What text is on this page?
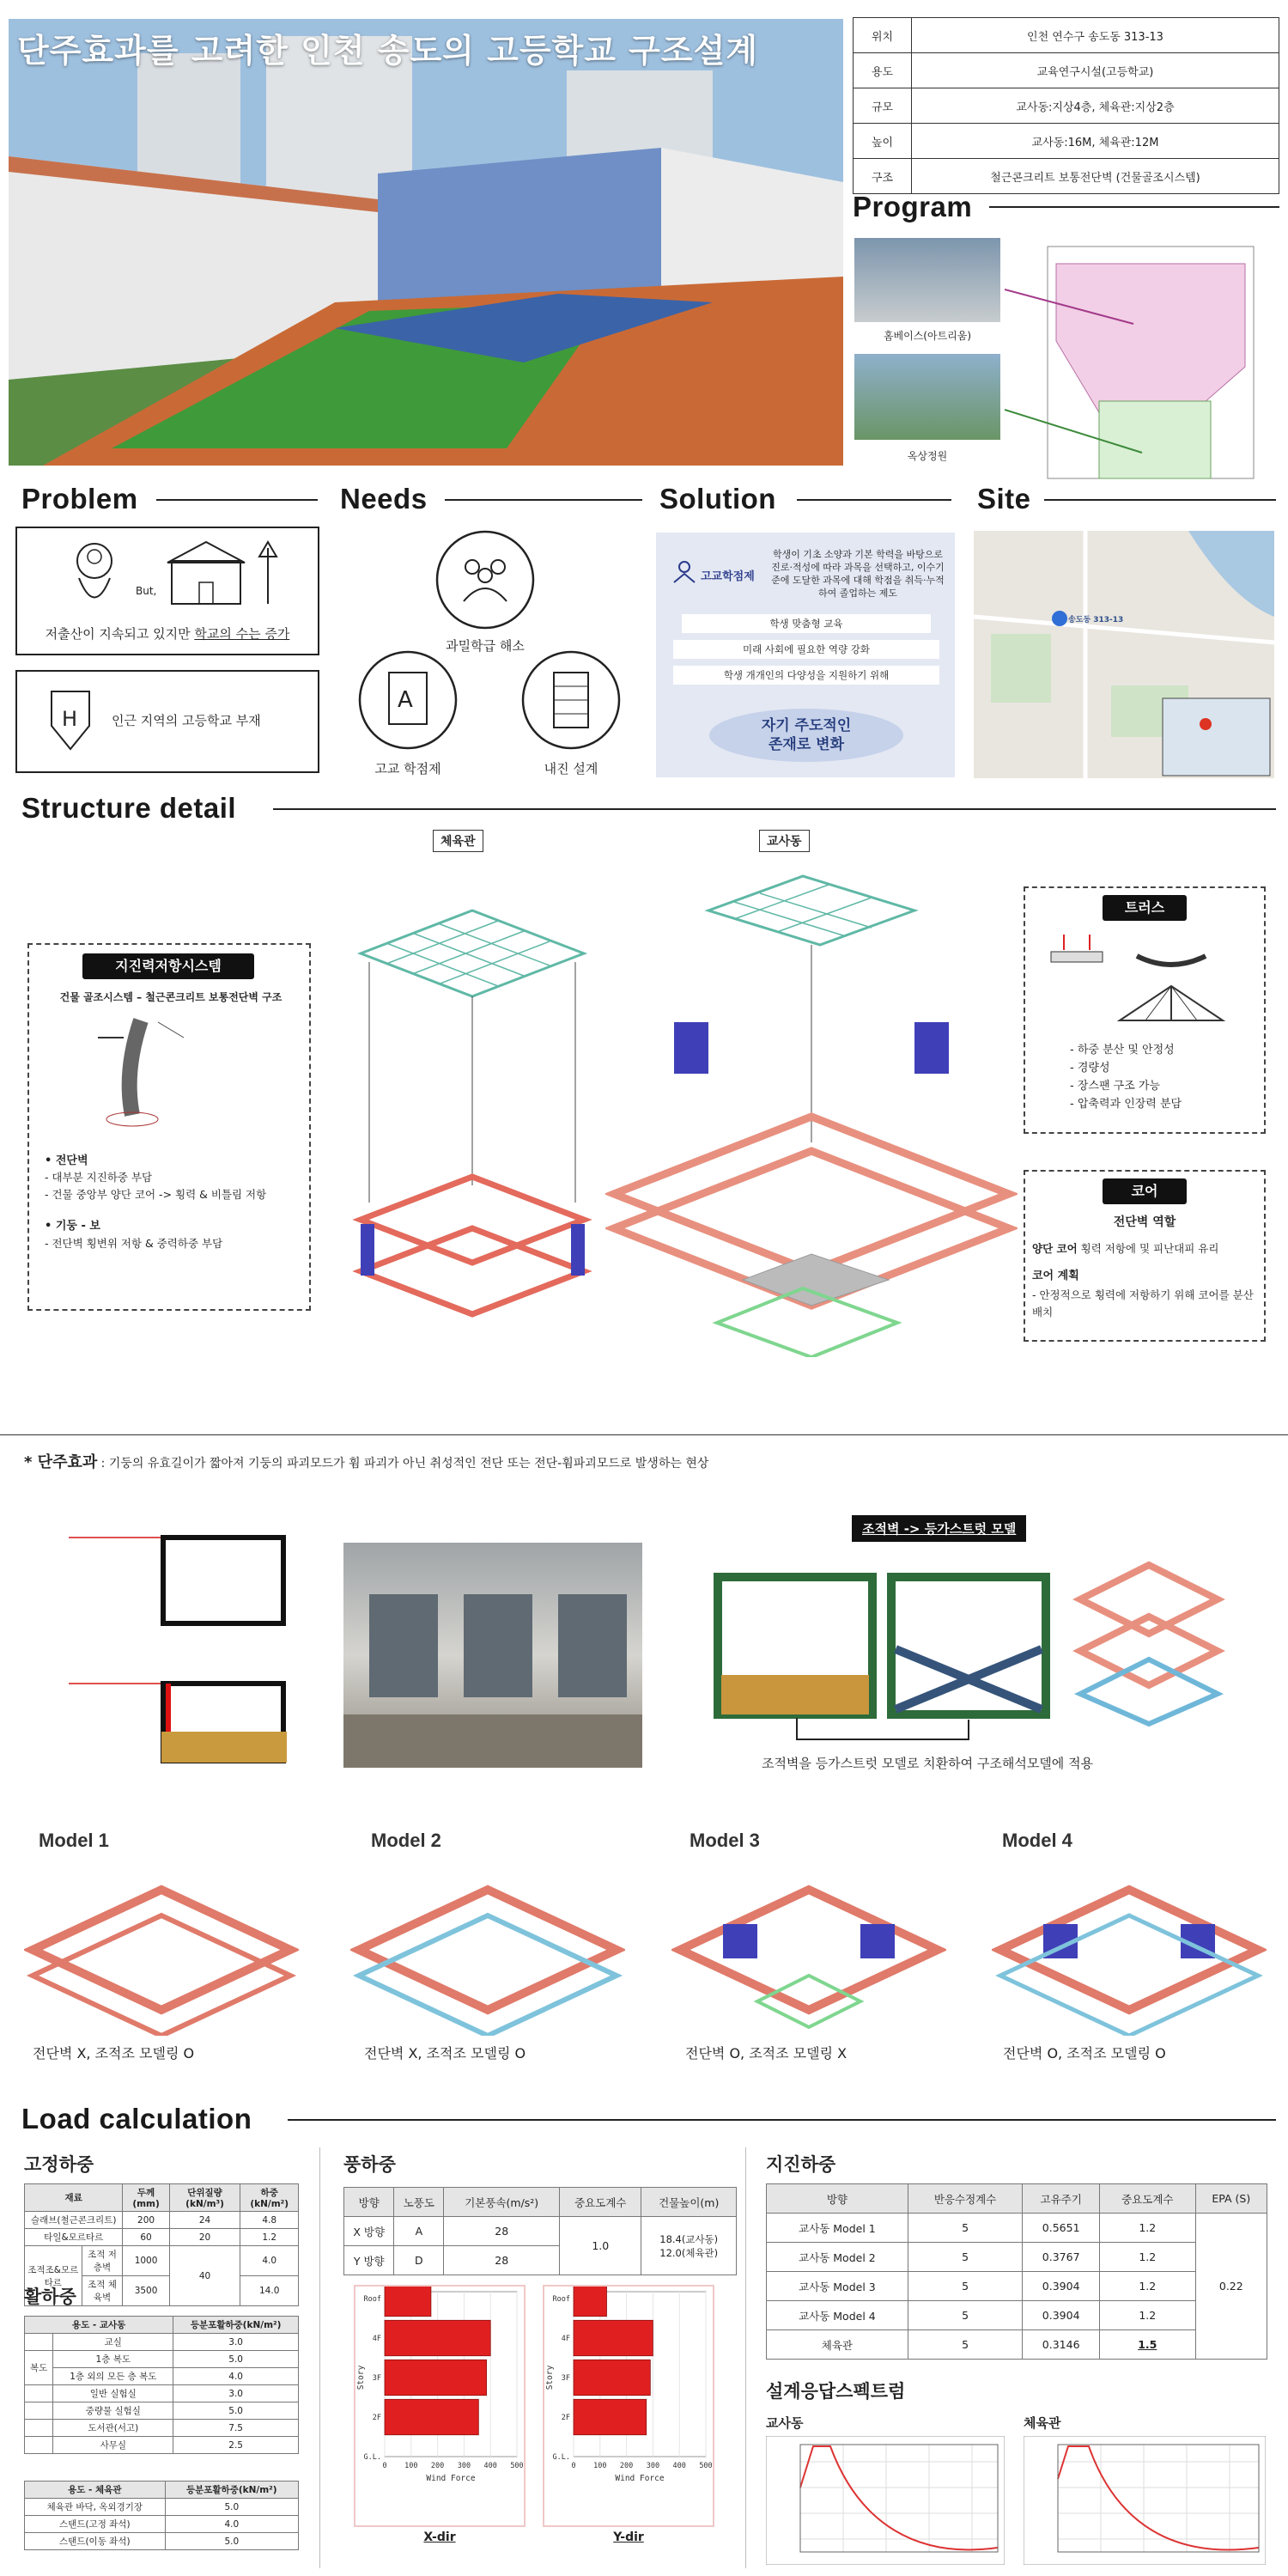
단주효과를 고려한 인천 송도의 고등학교 구조설계	위치	인천 연수구 송도동 313-13
용도	교육연구시설(고등학교)
규모	교사동:지상4층, 체육관:지상2층
높이	교사동:16M, 체육관:12M
구조	철근콘크리트 보통전단벽 (건물골조시스템)
Program
홈베이스(아트리움)
옥상정원
Problem	Needs	Solution	Site
But,
저출산이 지속되고 있지만 학교의 수는 증가
H	인근 지역의 고등학교 부재
과밀학급 해소
A
고교 학점제	내진 설계
고교학점제
학생이 기초 소양과 기본 학력을 바탕으로 진로·적성에 따라 과목을 선택하고, 이수기준에 도달한 과목에 대해 학점을 취득·누적하여 졸업하는 제도
학생 맞춤형 교육
미래 사회에 필요한 역량 강화
학생 개개인의 다양성을 지원하기 위해
자기 주도적인
존재로 변화
송도동 313-13
Structure detail
체육관	교사동
지진력저항시스템
건물 골조시스템 – 철근콘크리트 보통전단벽 구조
• 전단벽
- 대부분 지진하중 부담
- 건물 중앙부 양단 코어 -> 횡력 & 비틀림 저항
• 기둥 - 보
- 전단벽 횡변위 저항 & 중력하중 부담
트러스
- 하중 분산 및 안정성
- 경량성
- 장스팬 구조 가능
- 압축력과 인장력 분담
코어
전단벽 역할
양단 코어 횡력 저항에 및 피난대피 유리
코어 계획
- 안정적으로 횡력에 저항하기 위해 코어를 분산 배치
* 단주효과 : 기둥의 유효길이가 짧아져 기둥의 파괴모드가 휨 파괴가 아닌 취성적인 전단 또는 전단-휨파괴모드로 발생하는 현상
조적벽 -> 등가스트럿 모델
조적벽을 등가스트럿 모델로 치환하여 구조해석모델에 적용
Model 1	Model 2	Model 3	Model 4
전단벽 X, 조적조 모델링 O	전단벽 X, 조적조 모델링 O	전단벽 O, 조적조 모델링 X	전단벽 O, 조적조 모델링 O
Load calculation
고정하중
재료		두께 (mm)	단위질량 (kN/m³)	하중 (kN/m²)
슬래브(철근콘크리트)		200	24	4.8
타일&모르타르		60	20	1.2
조적조&모르타르	조적 저층벽	1000	40	4.0
	조적 체육벽	3500		14.0
활하중
용도 - 교사동		등분포활하중(kN/m²)
	교실	3.0
복도	1층 복도	5.0
	1층 외의 모든 층 복도	4.0
	일반 실험실	3.0
	중량물 실험실	5.0
	도서관(서고)	7.5
	사무실	2.5
용도 - 체육관	등분포활하중(kN/m²)
체육관 바닥, 옥외경기장	5.0
스탠드(고정 좌석)	4.0
스탠드(이동 좌석)	5.0
풍하중
방향	노풍도	기본풍속(m/s²)	중요도계수	건물높이(m)
X 방향	A	28	1.0	18.4(교사동)
12.0(체육관)
Y 방향	D	28		
0 100 200 300 400 500
Roof
4F
3F
2F
G.L.
Wind Force
Story
X-dir
0 100 200 300 400 500
Roof
4F
3F
2F
G.L.
Wind Force
Story
Y-dir
지진하중
방향	반응수정계수	고유주기	중요도계수	EPA (S)
교사동 Model 1	5	0.5651	1.2	0.22
교사동 Model 2	5	0.3767	1.2	
교사동 Model 3	5	0.3904	1.2	
교사동 Model 4	5	0.3904	1.2	
체육관	5	0.3146	1.5	
설계응답스펙트럼
교사동	체육관
